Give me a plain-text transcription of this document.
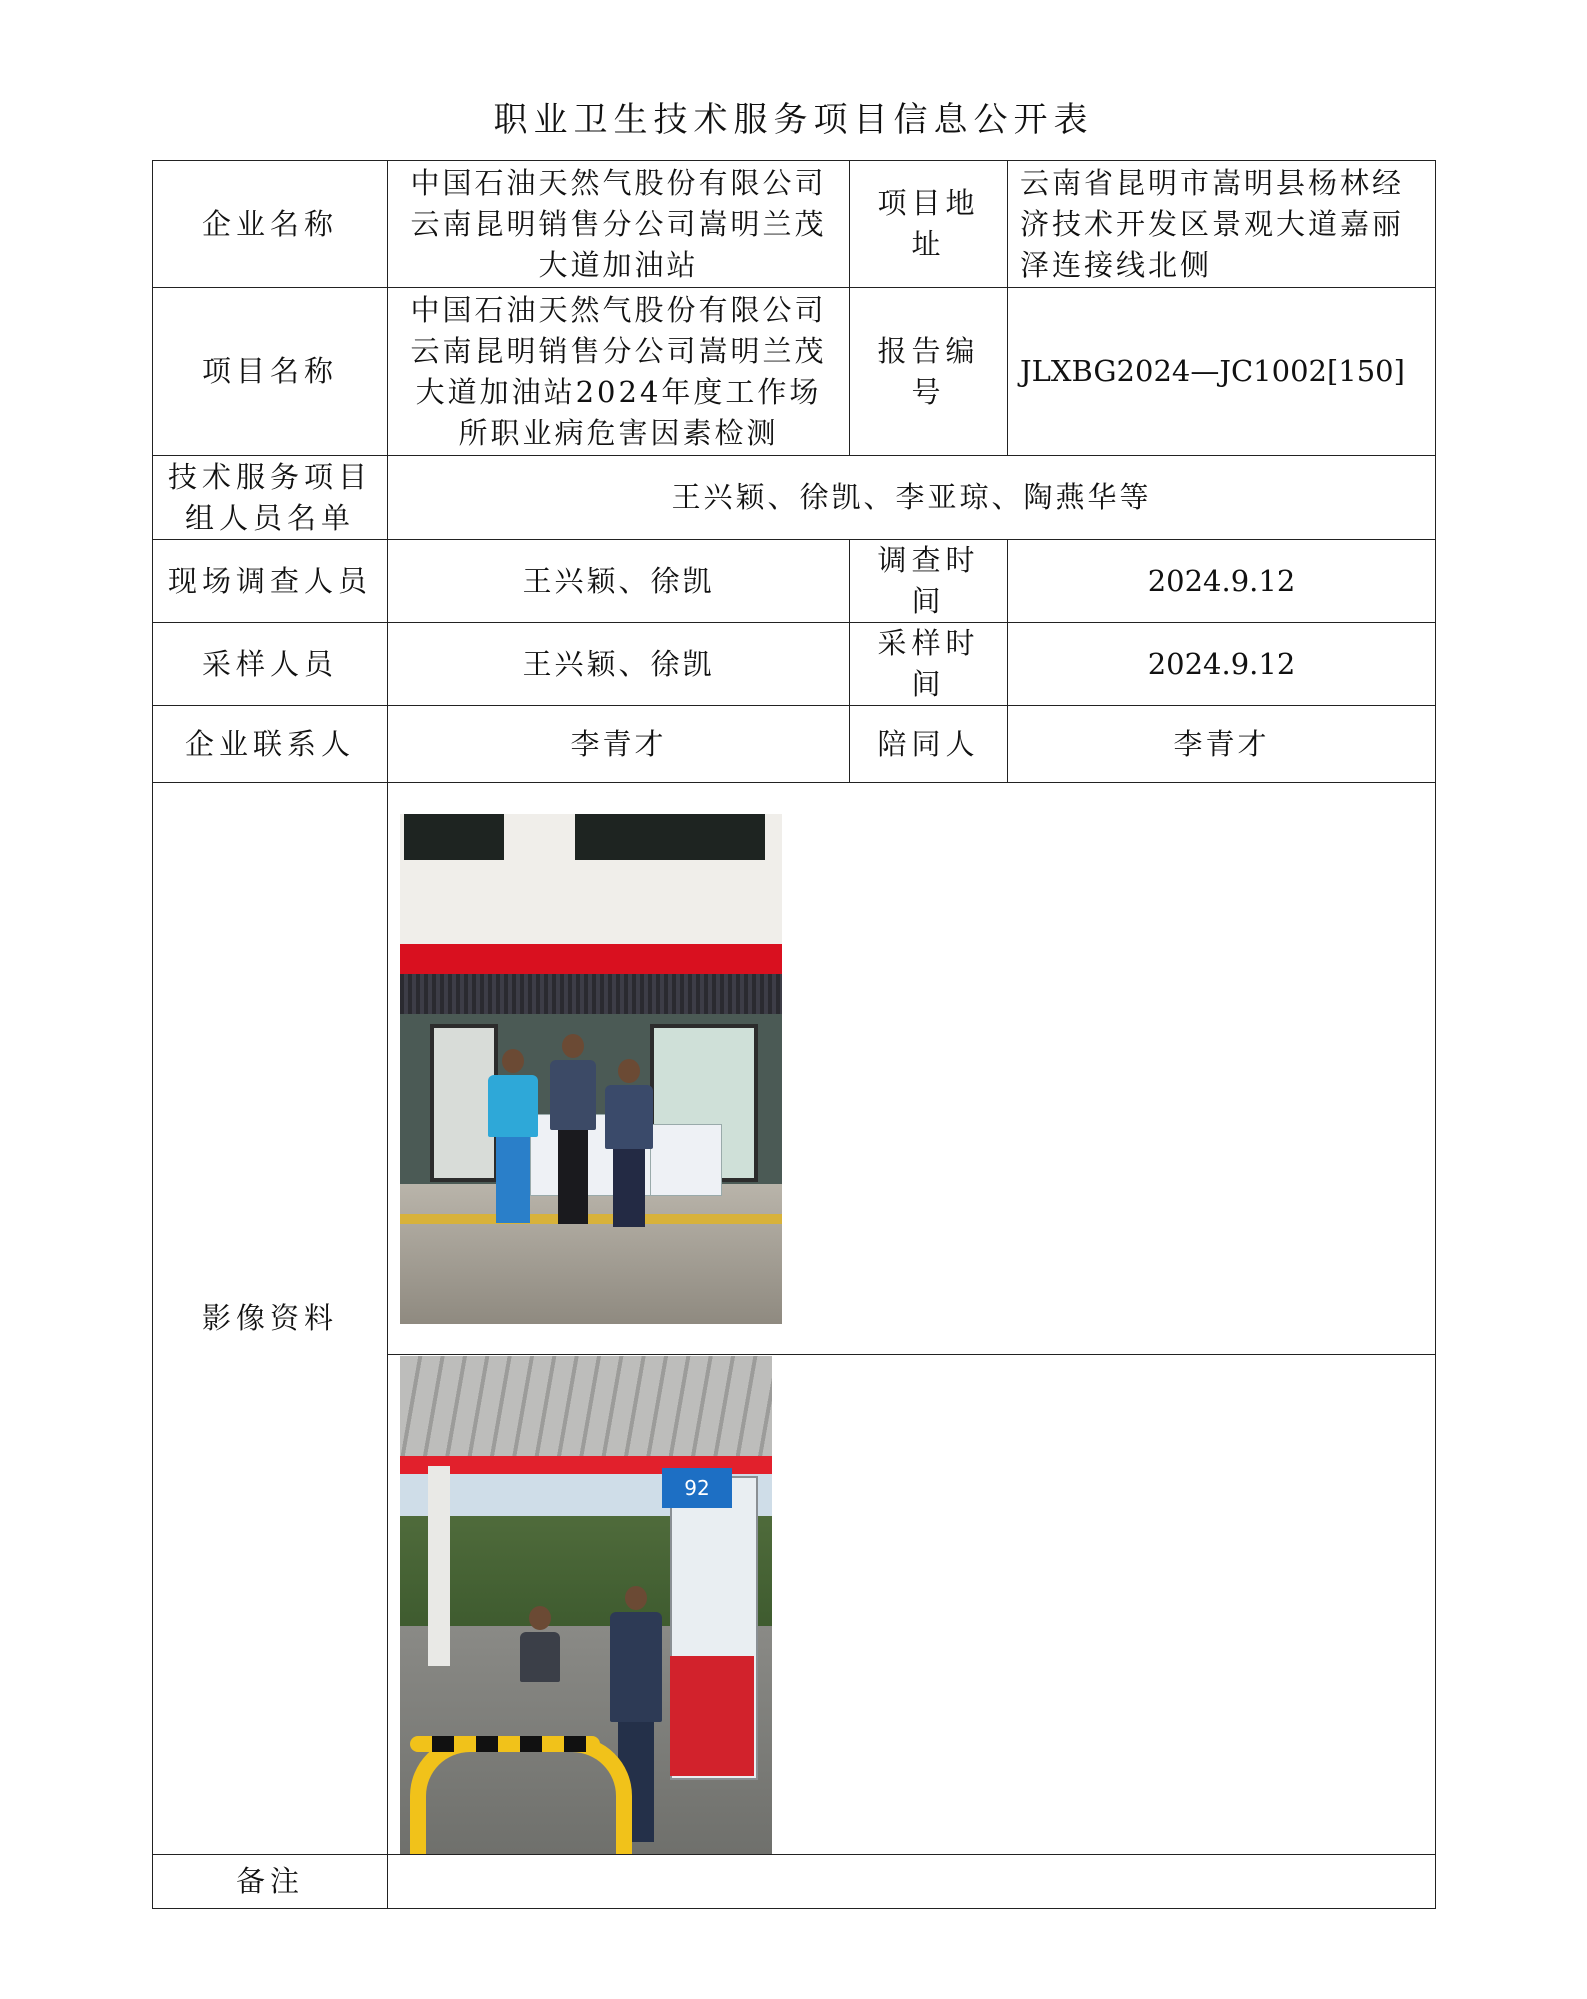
职业卫生技术服务项目信息公开表
企业名称	中国石油天然气股份有限公司云南昆明销售分公司嵩明兰茂大道加油站	项目地址	云南省昆明市嵩明县杨林经济技术开发区景观大道嘉丽泽连接线北侧
项目名称	中国石油天然气股份有限公司云南昆明销售分公司嵩明兰茂大道加油站2024年度工作场所职业病危害因素检测	报告编号	JLXBG2024—JC1002[150]
技术服务项目组人员名单	王兴颖、徐凯、李亚琼、陶燕华等		
现场调查人员	王兴颖、徐凯	调查时间	2024.9.12
采样人员	王兴颖、徐凯	采样时间	2024.9.12
企业联系人	李青才	陪同人	李青才
影像资料			

	92		

备注			
